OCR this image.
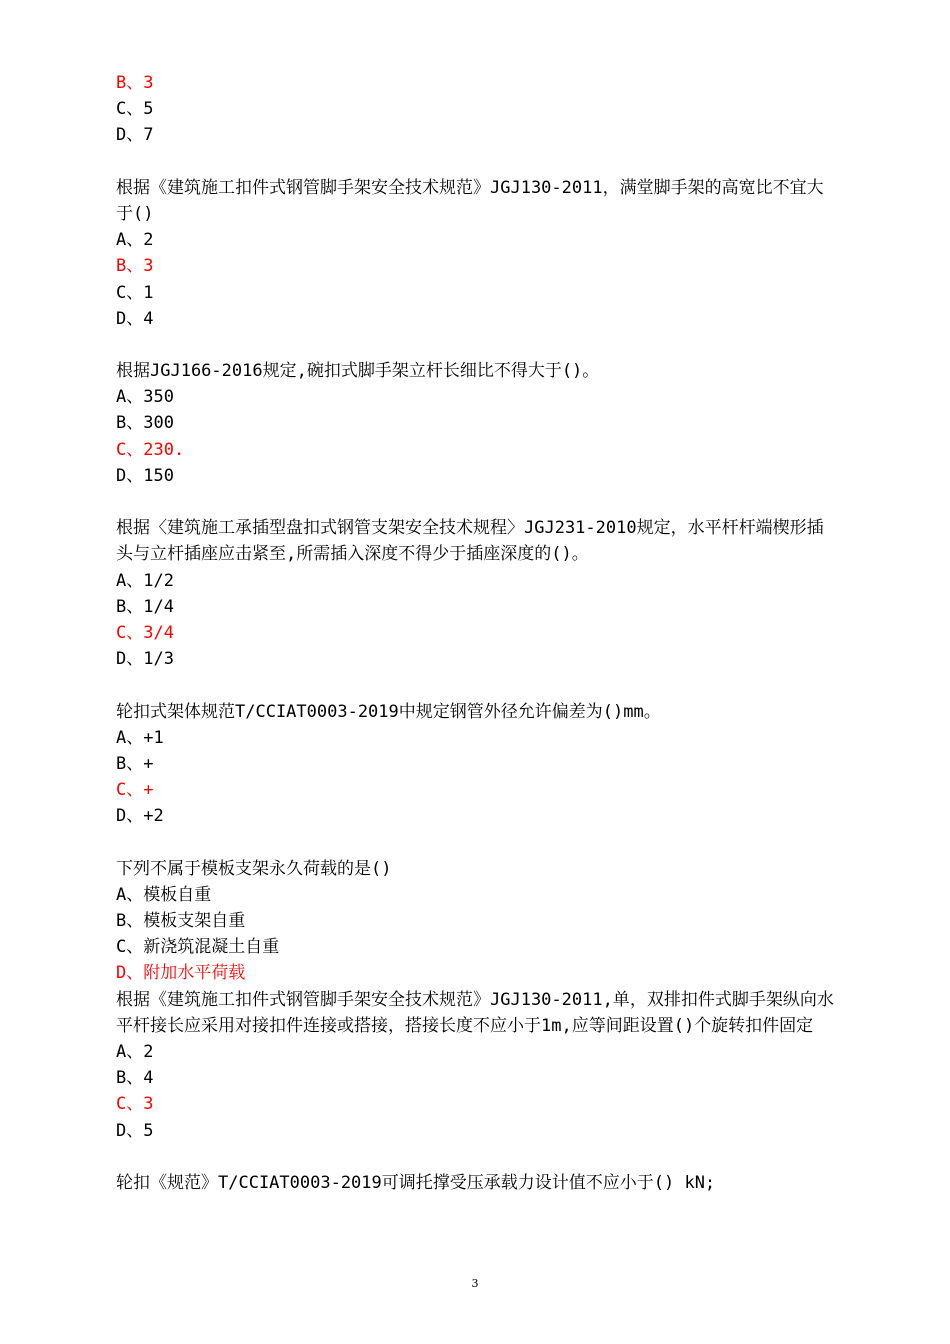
B、3
C、5
D、7
根据《建筑施工扣件式钢管脚手架安全技术规范》JGJ130-2011，满堂脚手架的高宽比不宜大于()
A、2
B、3
C、1
D、4
根据JGJ166-2016规定,碗扣式脚手架立杆长细比不得大于()。
A、350
B、300
C、230.
D、150
根据〈建筑施工承插型盘扣式钢管支架安全技术规程〉JGJ231-2010规定，水平杆杆端楔形插头与立杆插座应击紧至,所需插入深度不得少于插座深度的()。
A、1/2
B、1/4
C、3/4
D、1/3
轮扣式架体规范T/CCIAT0003-2019中规定钢管外径允许偏差为()mm。
A、+1
B、+
C、+
D、+2
下列不属于模板支架永久荷载的是()
A、模板自重
B、模板支架自重
C、新浇筑混凝土自重
D、附加水平荷载
根据《建筑施工扣件式钢管脚手架安全技术规范》JGJ130-2011,单，双排扣件式脚手架纵向水平杆接长应采用对接扣件连接或搭接，搭接长度不应小于1m,应等间距设置()个旋转扣件固定
A、2
B、4
C、3
D、5
轮扣《规范》T/CCIAT0003-2019可调托撑受压承载力设计值不应小于() kN;
3
